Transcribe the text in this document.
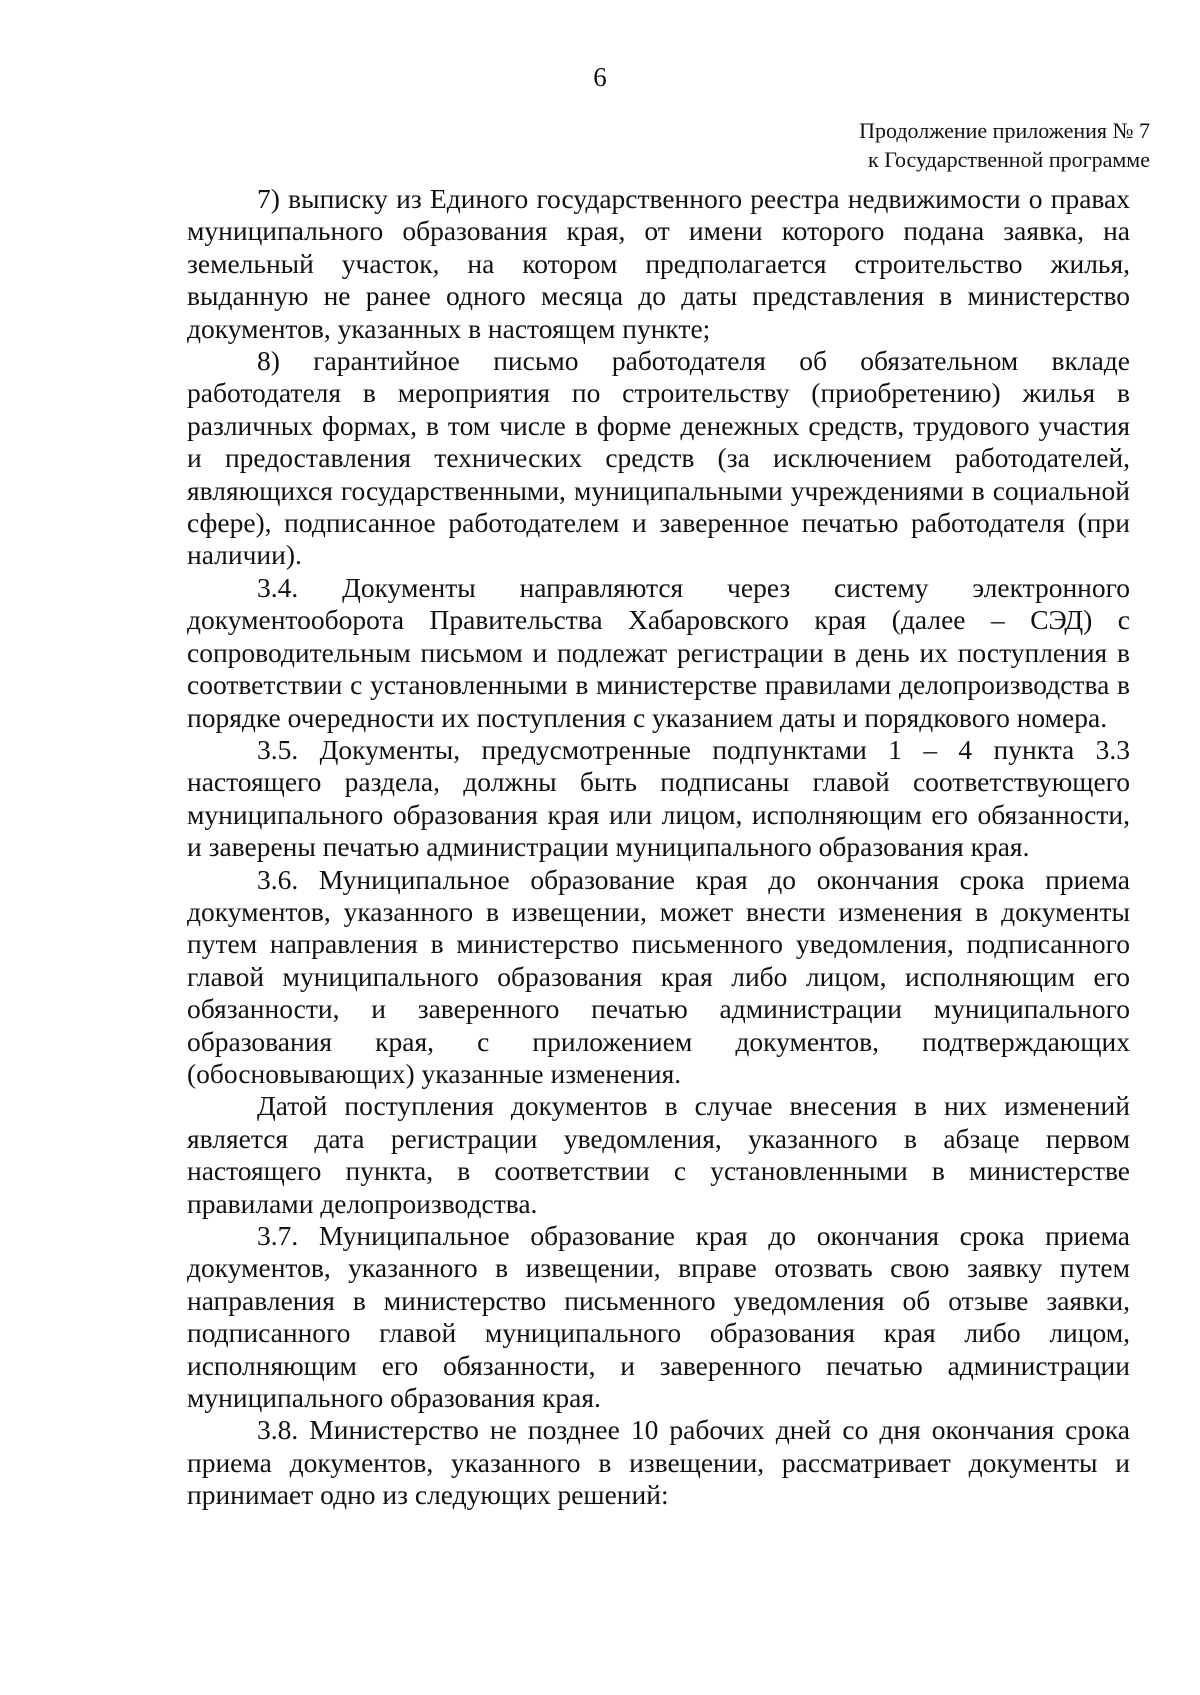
6
Продолжение приложения № 7
к Государственной программе

7) выписку из Единого государственного реестра недвижимости о правах муниципального образования края, от имени которого подана заявка, на земельный участок, на котором предполагается строительство жилья, выданную не ранее одного месяца до даты представления в министерство документов, указанных в настоящем пункте;

8) гарантийное письмо работодателя об обязательном вкладе работодателя в мероприятия по строительству (приобретению) жилья в различных формах, в том числе в форме денежных средств, трудового участия и предоставления технических средств (за исключением работодателей, являющихся государственными, муниципальными учреждениями в социальной сфере), подписанное работодателем и заверенное печатью работодателя (при наличии).

3.4. Документы направляются через систему электронного документооборота Правительства Хабаровского края (далее – СЭД) с сопроводительным письмом и подлежат регистрации в день их поступления в соответствии с установленными в министерстве правилами делопроизводства в порядке очередности их поступления с указанием даты и порядкового номера.

3.5. Документы, предусмотренные подпунктами 1 – 4 пункта 3.3 настоящего раздела, должны быть подписаны главой соответствующего муниципального образования края или лицом, исполняющим его обязанности, и заверены печатью администрации муниципального образования края.

3.6. Муниципальное образование края до окончания срока приема документов, указанного в извещении, может внести изменения в документы путем направления в министерство письменного уведомления, подписанного главой муниципального образования края либо лицом, исполняющим его обязанности, и заверенного печатью администрации муниципального образования края, с приложением документов, подтверждающих (обосновывающих) указанные изменения.

Датой поступления документов в случае внесения в них изменений является дата регистрации уведомления, указанного в абзаце первом настоящего пункта, в соответствии с установленными в министерстве правилами делопроизводства.

3.7. Муниципальное образование края до окончания срока приема документов, указанного в извещении, вправе отозвать свою заявку путем направления в министерство письменного уведомления об отзыве заявки, подписанного главой муниципального образования края либо лицом, исполняющим его обязанности, и заверенного печатью администрации муниципального образования края.

3.8. Министерство не позднее 10 рабочих дней со дня окончания срока приема документов, указанного в извещении, рассматривает документы и принимает одно из следующих решений:
